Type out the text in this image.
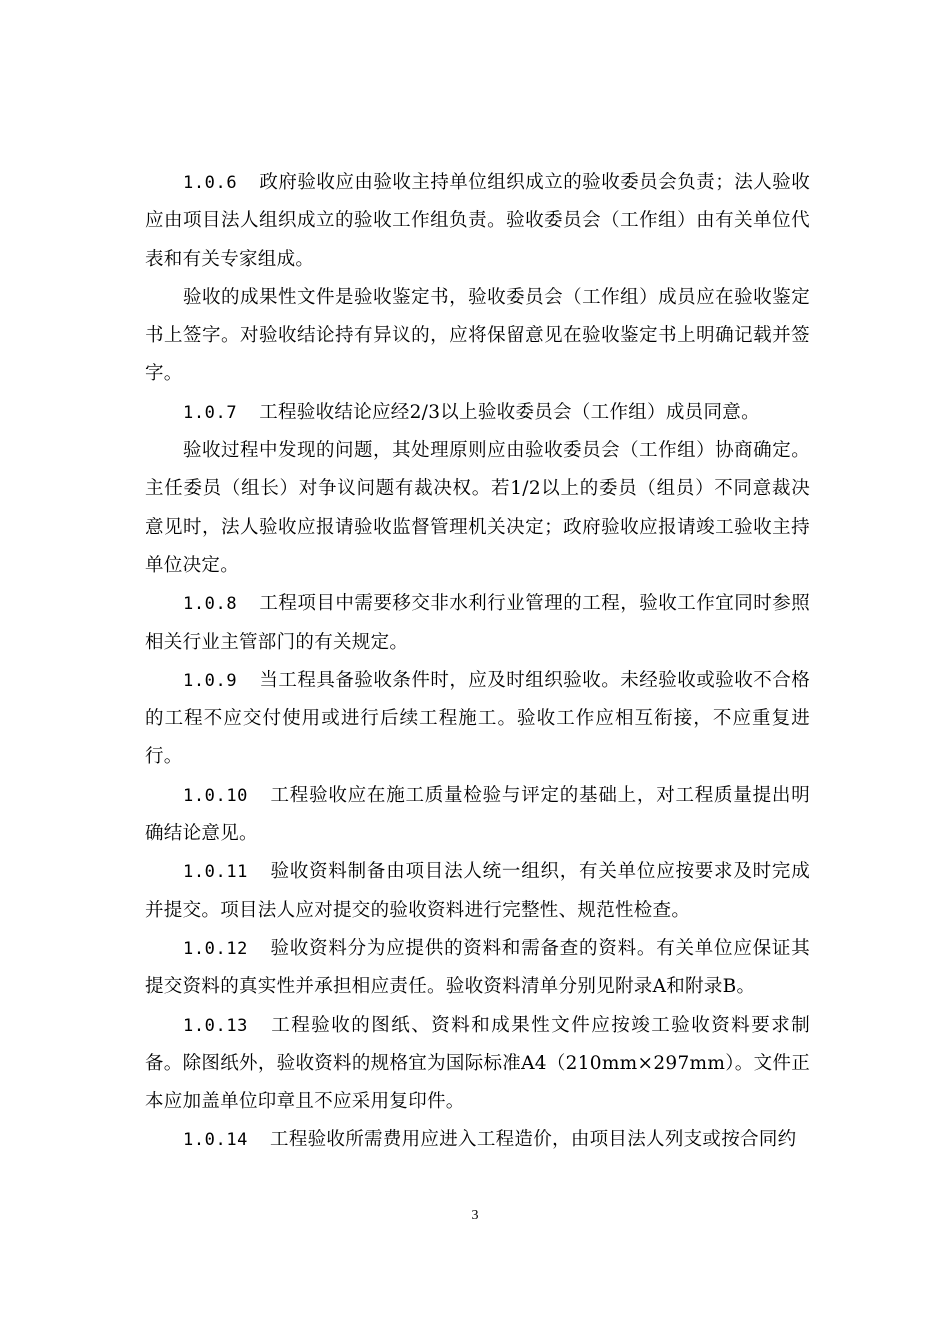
1.0.6 政府验收应由验收主持单位组织成立的验收委员会负责；法人验收应由项目法人组织成立的验收工作组负责。验收委员会（工作组）由有关单位代表和有关专家组成。

验收的成果性文件是验收鉴定书，验收委员会（工作组）成员应在验收鉴定书上签字。对验收结论持有异议的，应将保留意见在验收鉴定书上明确记载并签字。

1.0.7 工程验收结论应经2/3以上验收委员会（工作组）成员同意。

验收过程中发现的问题，其处理原则应由验收委员会（工作组）协商确定。主任委员（组长）对争议问题有裁决权。若1/2以上的委员（组员）不同意裁决意见时，法人验收应报请验收监督管理机关决定；政府验收应报请竣工验收主持单位决定。

1.0.8 工程项目中需要移交非水利行业管理的工程，验收工作宜同时参照相关行业主管部门的有关规定。

1.0.9 当工程具备验收条件时，应及时组织验收。未经验收或验收不合格的工程不应交付使用或进行后续工程施工。验收工作应相互衔接，不应重复进行。

1.0.10 工程验收应在施工质量检验与评定的基础上，对工程质量提出明确结论意见。

1.0.11 验收资料制备由项目法人统一组织，有关单位应按要求及时完成并提交。项目法人应对提交的验收资料进行完整性、规范性检查。

1.0.12 验收资料分为应提供的资料和需备查的资料。有关单位应保证其提交资料的真实性并承担相应责任。验收资料清单分别见附录A和附录B。

1.0.13 工程验收的图纸、资料和成果性文件应按竣工验收资料要求制备。除图纸外，验收资料的规格宜为国际标准A4（210mm×297mm）。文件正本应加盖单位印章且不应采用复印件。

1.0.14 工程验收所需费用应进入工程造价，由项目法人列支或按合同约

3
